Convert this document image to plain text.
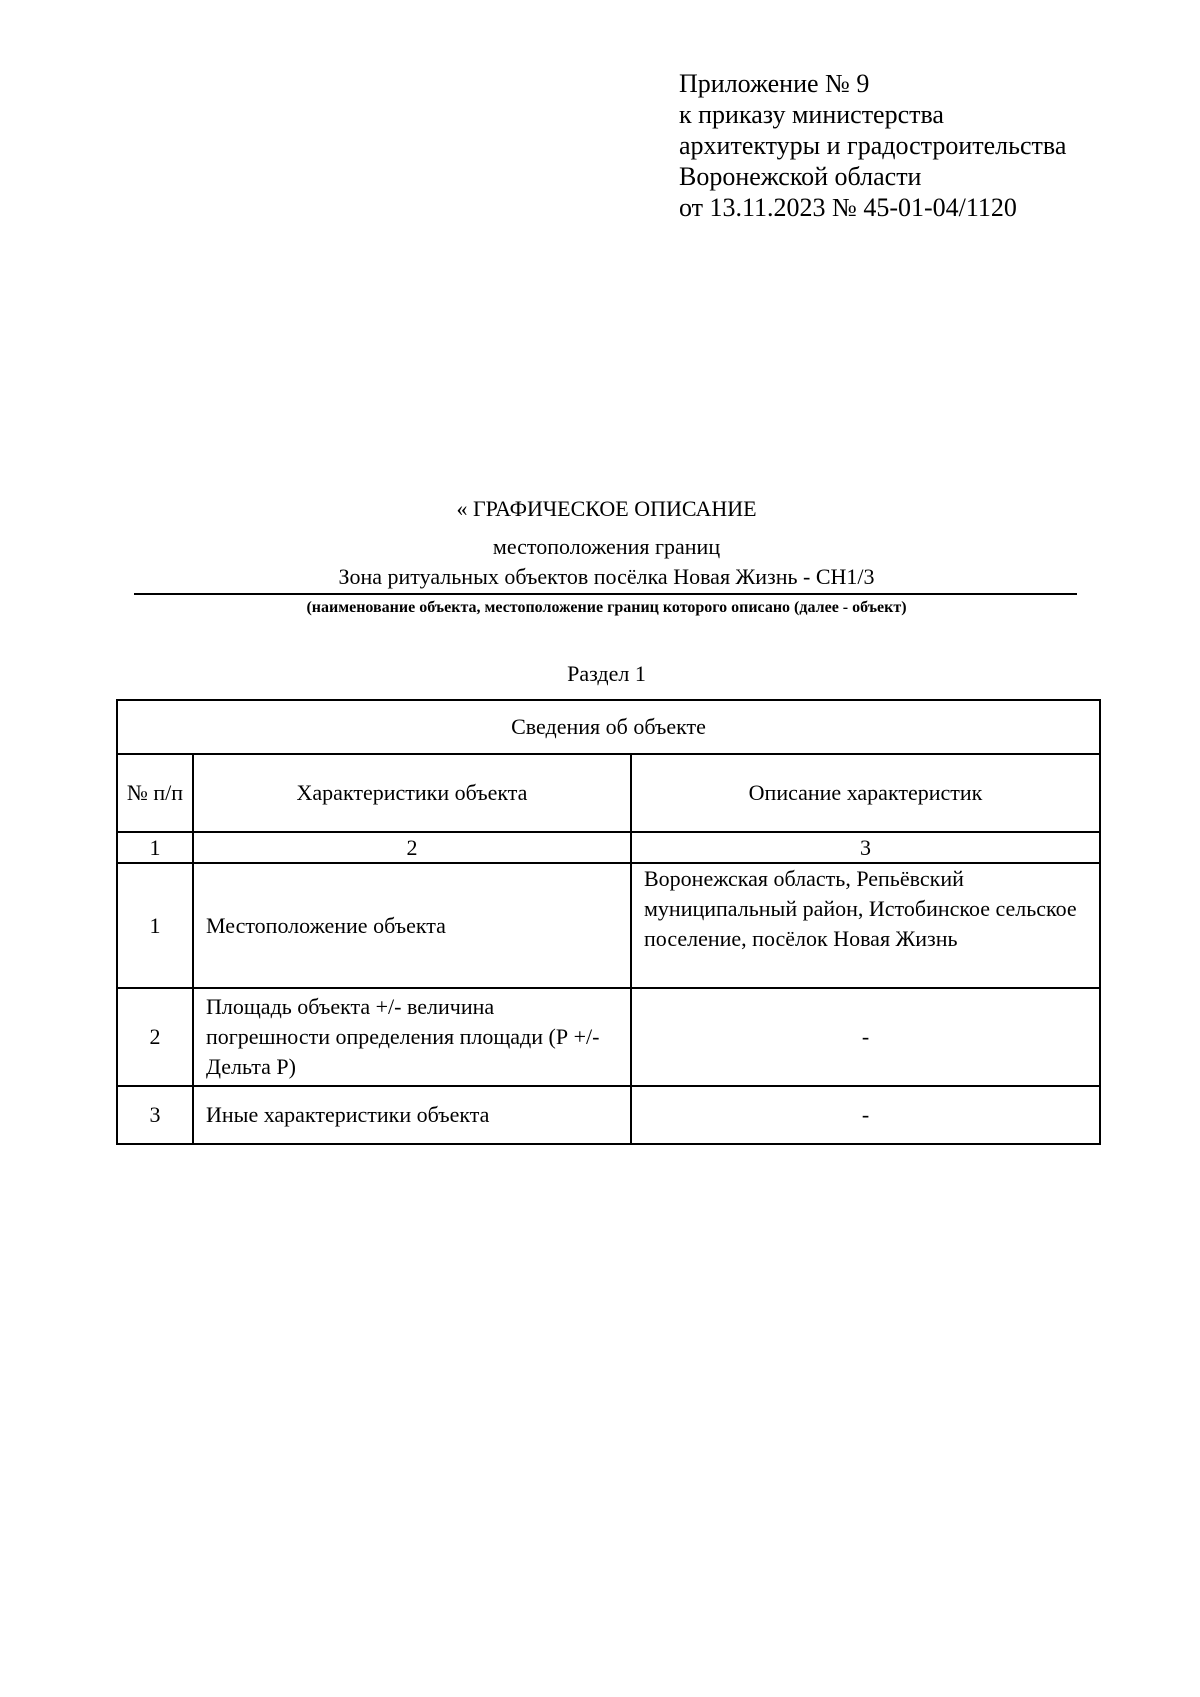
Приложение № 9
к приказу министерства
архитектуры и градостроительства
Воронежской области
от 13.11.2023 № 45-01-04/1120
« ГРАФИЧЕСКОЕ ОПИСАНИЕ
местоположения границ
Зона ритуальных объектов посёлка Новая Жизнь - СН1/3
(наименование объекта, местоположение границ которого описано (далее - объект)
Раздел 1
Сведения об объекте		
№ п/п	Характеристики объекта	Описание характеристик
1	2	3
1	Местоположение объекта	Воронежская область, Репьёвский муниципальный район, Истобинское сельское поселение, посёлок Новая Жизнь
2	Площадь объекта +/- величина погрешности определения площади (Р +/- Дельта Р)	-
3	Иные характеристики объекта	-
